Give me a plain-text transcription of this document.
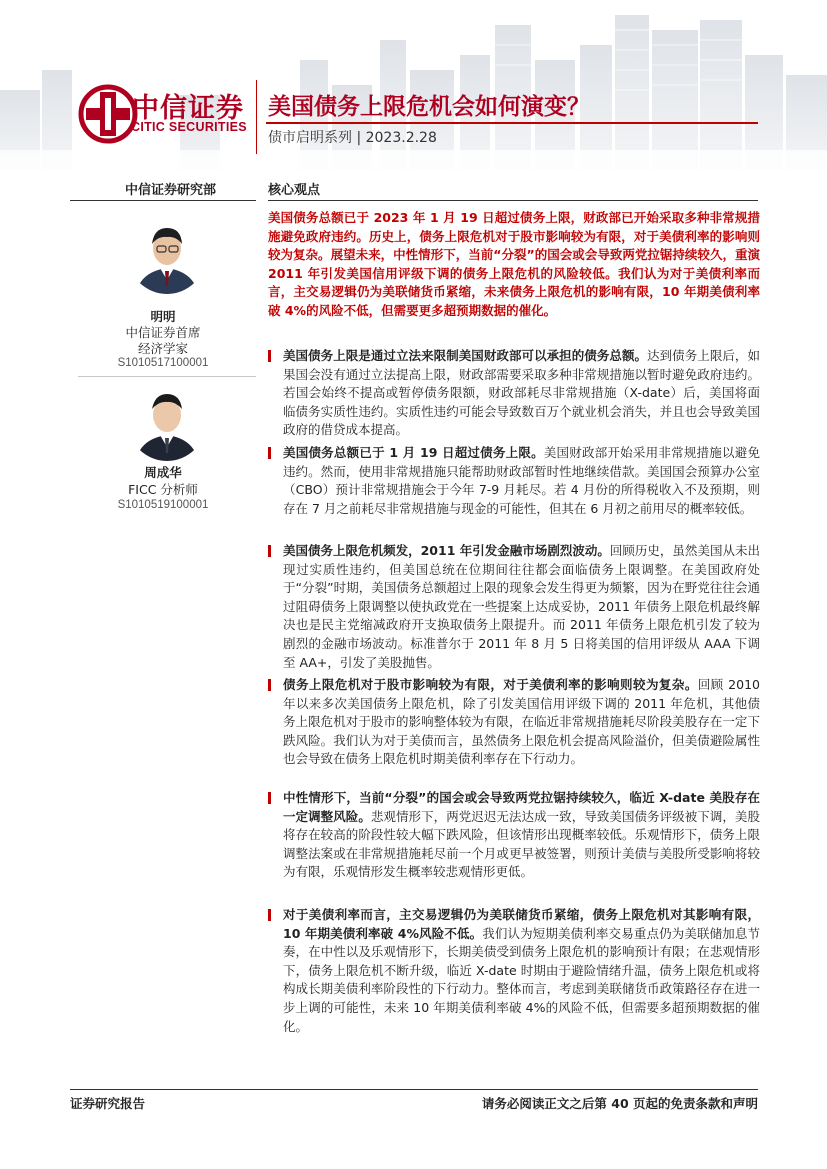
中信证券
CITIC SECURITIES
美国债务上限危机会如何演变？
债市启明系列 | 2023.2.28
中信证券研究部	核心观点
明明
中信证券首席
经济学家
S1010517100001
周成华
FICC 分析师
S1010519100001
美国债务总额已于 2023 年 1 月 19 日超过债务上限，财政部已开始采取多种非常规措施避免政府违约。历史上，债务上限危机对于股市影响较为有限，对于美债利率的影响则较为复杂。展望未来，中性情形下，当前“分裂”的国会或会导致两党拉锯持续较久，重演 2011 年引发美国信用评级下调的债务上限危机的风险较低。我们认为对于美债利率而言，主交易逻辑仍为美联储货币紧缩，未来债务上限危机的影响有限，10 年期美债利率破 4%的风险不低，但需要更多超预期数据的催化。
美国债务上限是通过立法来限制美国财政部可以承担的债务总额。达到债务上限后，如果国会没有通过立法提高上限，财政部需要采取多种非常规措施以暂时避免政府违约。若国会始终不提高或暂停债务限额，财政部耗尽非常规措施（X-date）后，美国将面临债务实质性违约。实质性违约可能会导致数百万个就业机会消失，并且也会导致美国政府的借贷成本提高。
美国债务总额已于 1 月 19 日超过债务上限。美国财政部开始采用非常规措施以避免违约。然而，使用非常规措施只能帮助财政部暂时性地继续借款。美国国会预算办公室（CBO）预计非常规措施会于今年 7-9 月耗尽。若 4 月份的所得税收入不及预期，则存在 7 月之前耗尽非常规措施与现金的可能性，但其在 6 月初之前用尽的概率较低。
美国债务上限危机频发，2011 年引发金融市场剧烈波动。回顾历史，虽然美国从未出现过实质性违约，但美国总统在位期间往往都会面临债务上限调整。在美国政府处于“分裂”时期，美国债务总额超过上限的现象会发生得更为频繁，因为在野党往往会通过阻碍债务上限调整以使执政党在一些提案上达成妥协，2011 年债务上限危机最终解决也是民主党缩减政府开支换取债务上限提升。而 2011 年债务上限危机引发了较为剧烈的金融市场波动。标准普尔于 2011 年 8 月 5 日将美国的信用评级从 AAA 下调至 AA+，引发了美股抛售。
债务上限危机对于股市影响较为有限，对于美债利率的影响则较为复杂。回顾 2010 年以来多次美国债务上限危机，除了引发美国信用评级下调的 2011 年危机，其他债务上限危机对于股市的影响整体较为有限，在临近非常规措施耗尽阶段美股存在一定下跌风险。我们认为对于美债而言，虽然债务上限危机会提高风险溢价，但美债避险属性也会导致在债务上限危机时期美债利率存在下行动力。
中性情形下，当前“分裂”的国会或会导致两党拉锯持续较久，临近 X-date 美股存在一定调整风险。悲观情形下，两党迟迟无法达成一致，导致美国债务评级被下调，美股将存在较高的阶段性较大幅下跌风险，但该情形出现概率较低。乐观情形下，债务上限调整法案或在非常规措施耗尽前一个月或更早被签署，则预计美债与美股所受影响将较为有限，乐观情形发生概率较悲观情形更低。
对于美债利率而言，主交易逻辑仍为美联储货币紧缩，债务上限危机对其影响有限，10 年期美债利率破 4%风险不低。我们认为短期美债利率交易重点仍为美联储加息节奏，在中性以及乐观情形下，长期美债受到债务上限危机的影响预计有限；在悲观情形下，债务上限危机不断升级，临近 X-date 时期由于避险情绪升温，债务上限危机或将构成长期美债利率阶段性的下行动力。整体而言，考虑到美联储货币政策路径存在进一步上调的可能性，未来 10 年期美债利率破 4%的风险不低，但需要多超预期数据的催化。
证券研究报告	请务必阅读正文之后第 40 页起的免责条款和声明
